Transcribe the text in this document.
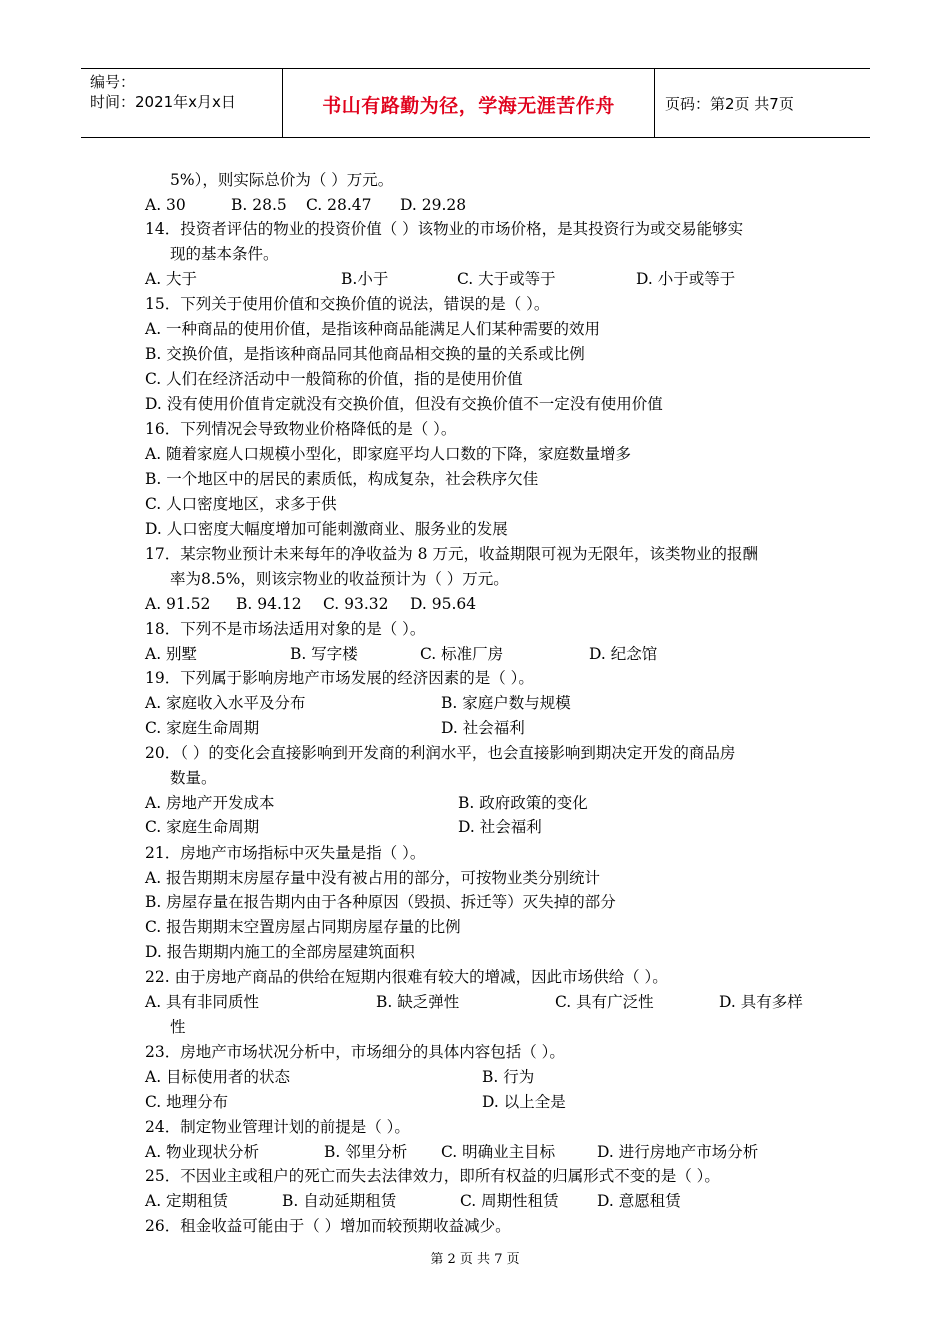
编号：
时间：2021年x月x日	书山有路勤为径，学海无涯苦作舟	页码：第2页 共7页
5%），则实际总价为（ ）万元。
A. 30	B. 28.5 C. 28.47 D. 29.28
14．投资者评估的物业的投资价值（ ）该物业的市场价格，是其投资行为或交易能够实
现的基本条件。
A. 大于	B.小于	C. 大于或等于	D. 小于或等于
15．下列关于使用价值和交换价值的说法，错误的是（ ）。
A. 一种商品的使用价值，是指该种商品能满足人们某种需要的效用
B. 交换价值，是指该种商品同其他商品相交换的量的关系或比例
C. 人们在经济活动中一般简称的价值，指的是使用价值
D. 没有使用价值肯定就没有交换价值，但没有交换价值不一定没有使用价值
16．下列情况会导致物业价格降低的是（ ）。
A. 随着家庭人口规模小型化，即家庭平均人口数的下降，家庭数量增多
B. 一个地区中的居民的素质低，构成复杂，社会秩序欠佳
C. 人口密度地区，求多于供
D. 人口密度大幅度增加可能刺激商业、服务业的发展
17．某宗物业预计未来每年的净收益为 8 万元，收益期限可视为无限年，该类物业的报酬
率为8.5%，则该宗物业的收益预计为（ ）万元。
A. 91.52 B. 94.12 C. 93.32 D. 95.64
18．下列不是市场法适用对象的是（ ）。
A. 别墅	B. 写字楼	C. 标准厂房	D. 纪念馆
19．下列属于影响房地产市场发展的经济因素的是（ ）。
A. 家庭收入水平及分布	B. 家庭户数与规模
C. 家庭生命周期	D. 社会福利
20．（ ）的变化会直接影响到开发商的利润水平，也会直接影响到期决定开发的商品房
数量。
A. 房地产开发成本	B. 政府政策的变化
C. 家庭生命周期	D. 社会福利
21．房地产市场指标中灭失量是指（ ）。
A. 报告期期末房屋存量中没有被占用的部分，可按物业类分别统计
B. 房屋存量在报告期内由于各种原因（毁损、拆迁等）灭失掉的部分
C. 报告期期末空置房屋占同期房屋存量的比例
D. 报告期期内施工的全部房屋建筑面积
22. 由于房地产商品的供给在短期内很难有较大的增减，因此市场供给（ ）。
A. 具有非同质性	B. 缺乏弹性	C. 具有广泛性	D. 具有多样
性
23．房地产市场状况分析中，市场细分的具体内容包括（ ）。
A. 目标使用者的状态	B. 行为
C. 地理分布	D. 以上全是
24．制定物业管理计划的前提是（ ）。
A. 物业现状分析	B. 邻里分析 C. 明确业主目标	D. 进行房地产市场分析
25．不因业主或租户的死亡而失去法律效力，即所有权益的归属形式不变的是（ ）。
A. 定期租赁	B. 自动延期租赁	C. 周期性租赁 D. 意愿租赁
26．租金收益可能由于（ ）增加而较预期收益减少。
第 2 页 共 7 页
